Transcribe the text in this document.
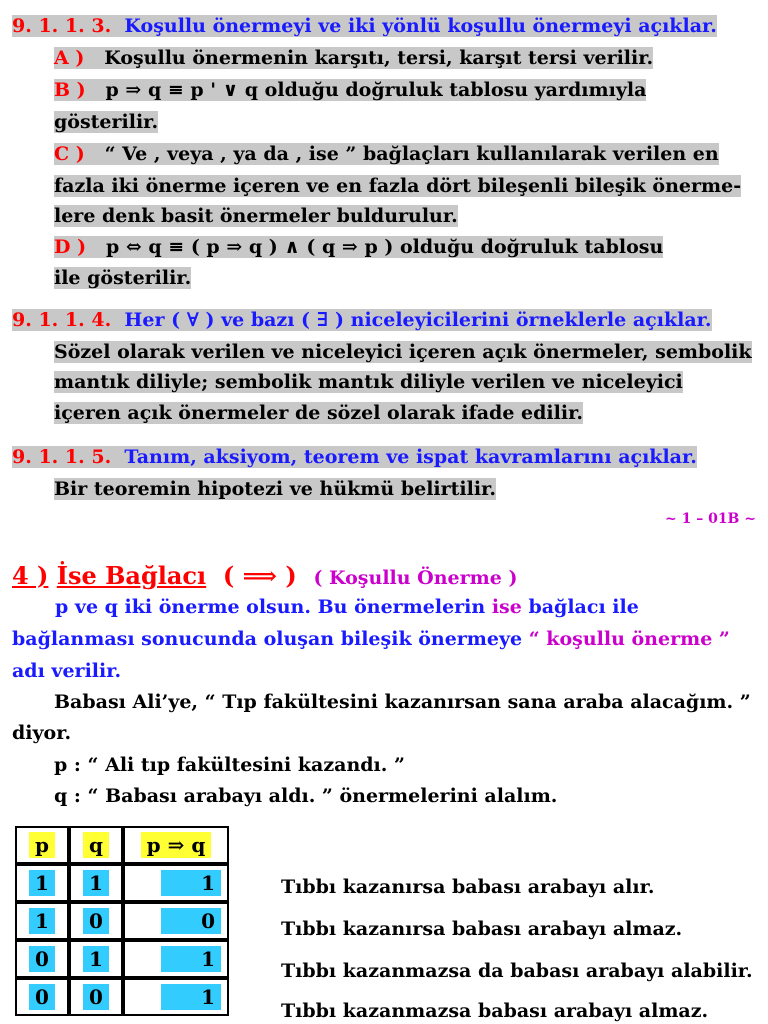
9. 1. 1. 3. Koşullu önermeyi ve iki yönlü koşullu önermeyi açıklar.
A ) Koşullu önermenin karşıtı, tersi, karşıt tersi verilir.
B ) p ⇒ q ≡ p ' ∨ q olduğu doğruluk tablosu yardımıyla
gösterilir.
C ) “ Ve , veya , ya da , ise ” bağlaçları kullanılarak verilen en
fazla iki önerme içeren ve en fazla dört bileşenli bileşik önerme-
lere denk basit önermeler buldurulur.
D ) p ⇔ q ≡ ( p ⇒ q ) ∧ ( q ⇒ p ) olduğu doğruluk tablosu
ile gösterilir.
9. 1. 1. 4. Her ( ∀ ) ve bazı ( ∃ ) niceleyicilerini örneklerle açıklar.
Sözel olarak verilen ve niceleyici içeren açık önermeler, sembolik
mantık diliyle; sembolik mantık diliyle verilen ve niceleyici
içeren açık önermeler de sözel olarak ifade edilir.
9. 1. 1. 5. Tanım, aksiyom, teorem ve ispat kavramlarını açıklar.
Bir teoremin hipotezi ve hükmü belirtilir.
~ 1 – 01B ~
4 ) İse Bağlacı ( ⟹ ) ( Koşullu Önerme )
p ve q iki önerme olsun. Bu önermelerin ise bağlacı ile
bağlanması sonucunda oluşan bileşik önermeye “ koşullu önerme ”
adı verilir.
Babası Ali’ye, “ Tıp fakültesini kazanırsan sana araba alacağım. ”
diyor.
p : “ Ali tıp fakültesini kazandı. ”
q : “ Babası arabayı aldı. ” önermelerini alalım.
p	q	p ⇒ q
1	1	1
1	0	0
0	1	1
0	0	1
Tıbbı kazanırsa babası arabayı alır.
Tıbbı kazanırsa babası arabayı almaz.
Tıbbı kazanmazsa da babası arabayı alabilir.
Tıbbı kazanmazsa babası arabayı almaz.
